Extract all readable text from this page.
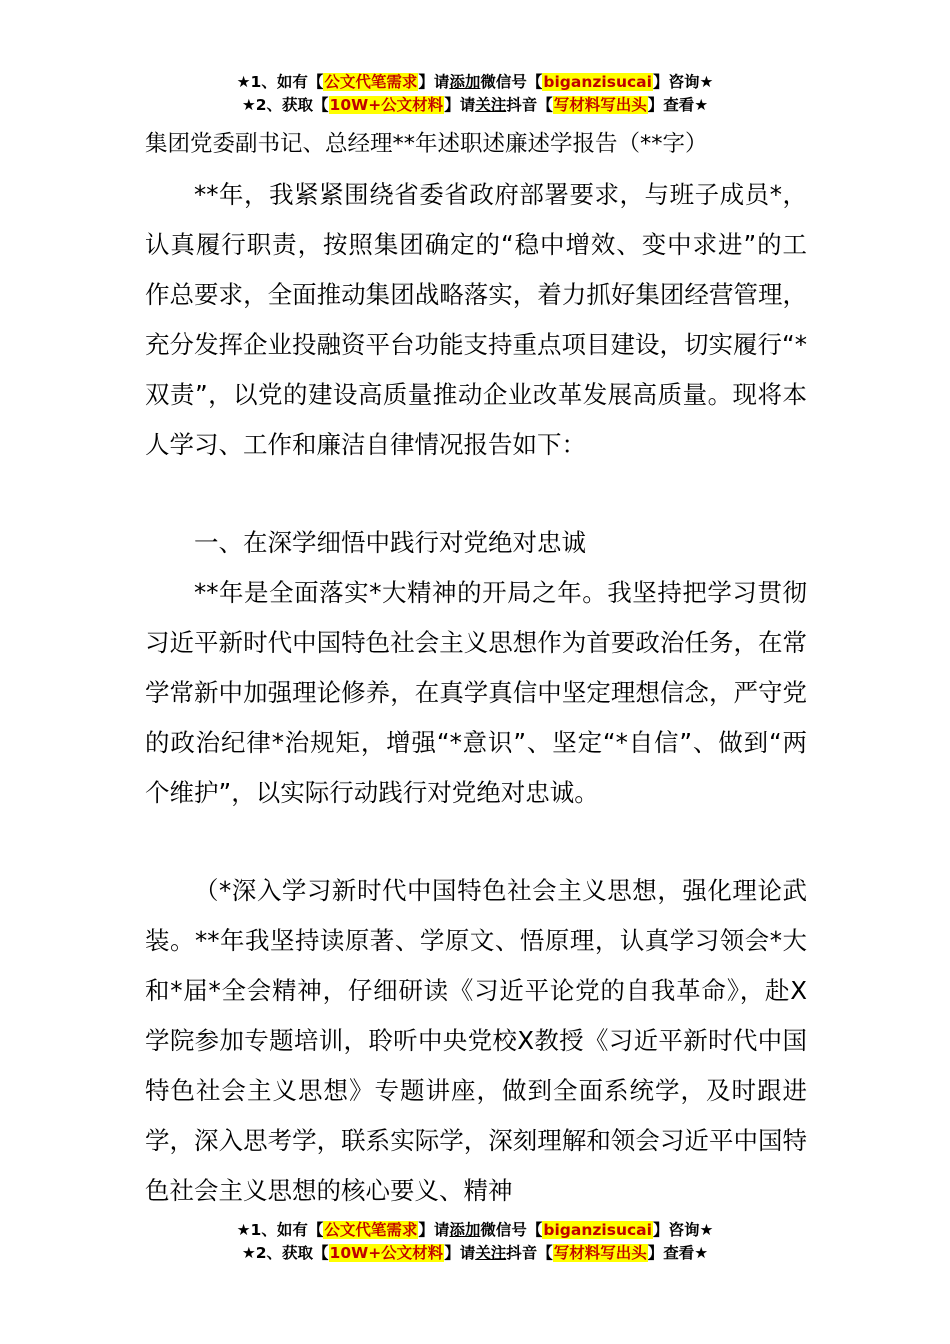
★1、如有【公文代笔需求】请添加微信号【biganzisucai】咨询★
★2、获取【10W+公文材料】请关注抖音【写材料写出头】查看★
集团党委副书记、总经理**年述职述廉述学报告（**字）

**年，我紧紧围绕省委省政府部署要求，与班子成员*，认真履行职责，按照集团确定的“稳中增效、变中求进”的工作总要求，全面推动集团战略落实，着力抓好集团经营管理，充分发挥企业投融资平台功能支持重点项目建设，切实履行“*双责”，以党的建设高质量推动企业改革发展高质量。现将本人学习、工作和廉洁自律情况报告如下：

一、在深学细悟中践行对党绝对忠诚

**年是全面落实*大精神的开局之年。我坚持把学习贯彻习近平新时代中国特色社会主义思想作为首要政治任务，在常学常新中加强理论修养，在真学真信中坚定理想信念，严守党的政治纪律*治规矩，增强“*意识”、坚定“*自信”、做到“两个维护”，以实际行动践行对党绝对忠诚。

（*深入学习新时代中国特色社会主义思想，强化理论武装。**年我坚持读原著、学原文、悟原理，认真学习领会*大和*届*全会精神，仔细研读《习近平论党的自我革命》，赴X学院参加专题培训，聆听中央党校X教授《习近平新时代中国特色社会主义思想》专题讲座，做到全面系统学，及时跟进学，深入思考学，联系实际学，深刻理解和领会习近平中国特色社会主义思想的核心要义、精神

★1、如有【公文代笔需求】请添加微信号【biganzisucai】咨询★
★2、获取【10W+公文材料】请关注抖音【写材料写出头】查看★
